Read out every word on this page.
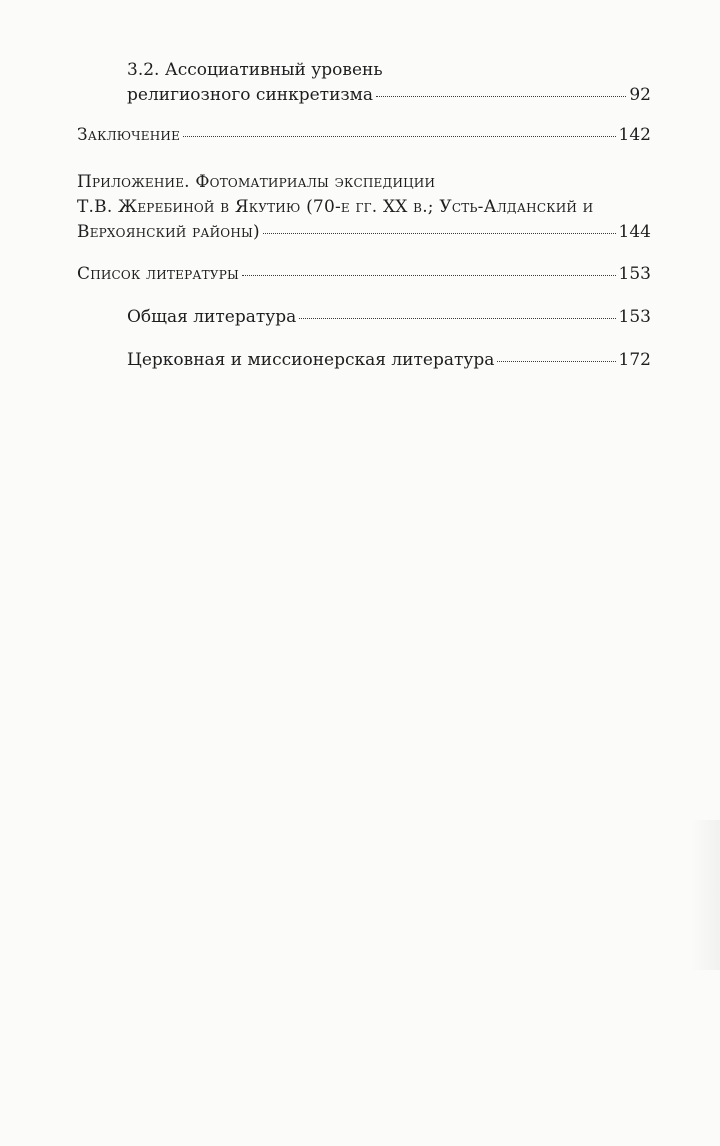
3.2. Ассоциативный уровень
религиозного синкретизма	92
Заключение	142
Приложение. Фотоматириалы экспедиции
Т.В. Жеребиной в Якутию (70-е гг. XX в.; Усть-Алданский и
Верхоянский районы)	144
Список литературы	153
Общая литература	153
Церковная и миссионерская литература	172
